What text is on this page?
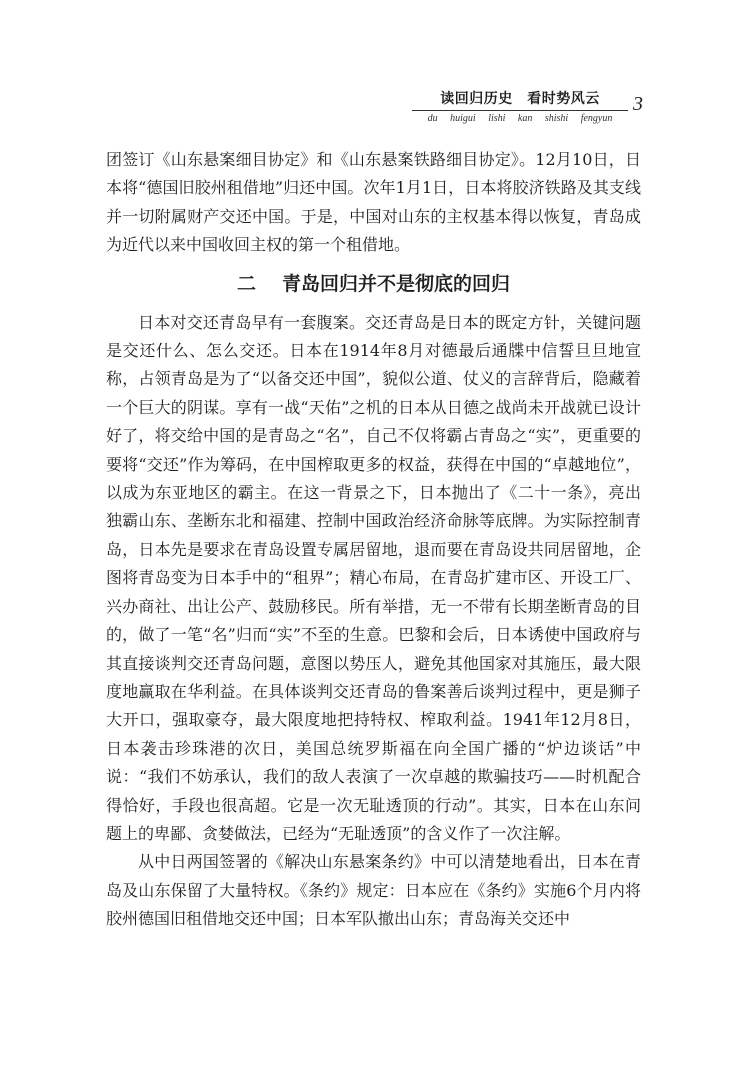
读回归历史　看时势风云
du huigui lishi kan shishi fengyun
3

团签订《山东悬案细目协定》和《山东悬案铁路细目协定》。12月10日，日本将“德国旧胶州租借地”归还中国。次年1月1日，日本将胶济铁路及其支线并一切附属财产交还中国。于是，中国对山东的主权基本得以恢复，青岛成为近代以来中国收回主权的第一个租借地。

二 青岛回归并不是彻底的回归

日本对交还青岛早有一套腹案。交还青岛是日本的既定方针，关键问题是交还什么、怎么交还。日本在1914年8月对德最后通牒中信誓旦旦地宣称，占领青岛是为了“以备交还中国”，貌似公道、仗义的言辞背后，隐藏着一个巨大的阴谋。享有一战“天佑”之机的日本从日德之战尚未开战就已设计好了，将交给中国的是青岛之“名”，自己不仅将霸占青岛之“实”，更重要的要将“交还”作为筹码，在中国榨取更多的权益，获得在中国的“卓越地位”，以成为东亚地区的霸主。在这一背景之下，日本抛出了《二十一条》，亮出独霸山东、垄断东北和福建、控制中国政治经济命脉等底牌。为实际控制青岛，日本先是要求在青岛设置专属居留地，退而要在青岛设共同居留地，企图将青岛变为日本手中的“租界”；精心布局，在青岛扩建市区、开设工厂、兴办商社、出让公产、鼓励移民。所有举措，无一不带有长期垄断青岛的目的，做了一笔“名”归而“实”不至的生意。巴黎和会后，日本诱使中国政府与其直接谈判交还青岛问题，意图以势压人，避免其他国家对其施压，最大限度地赢取在华利益。在具体谈判交还青岛的鲁案善后谈判过程中，更是狮子大开口，强取豪夺，最大限度地把持特权、榨取利益。1941年12月8日，日本袭击珍珠港的次日，美国总统罗斯福在向全国广播的“炉边谈话”中说：“我们不妨承认，我们的敌人表演了一次卓越的欺骗技巧——时机配合得恰好，手段也很高超。它是一次无耻透顶的行动”。其实，日本在山东问题上的卑鄙、贪婪做法，已经为“无耻透顶”的含义作了一次注解。

从中日两国签署的《解决山东悬案条约》中可以清楚地看出，日本在青岛及山东保留了大量特权。《条约》规定：日本应在《条约》实施6个月内将胶州德国旧租借地交还中国；日本军队撤出山东；青岛海关交还中
